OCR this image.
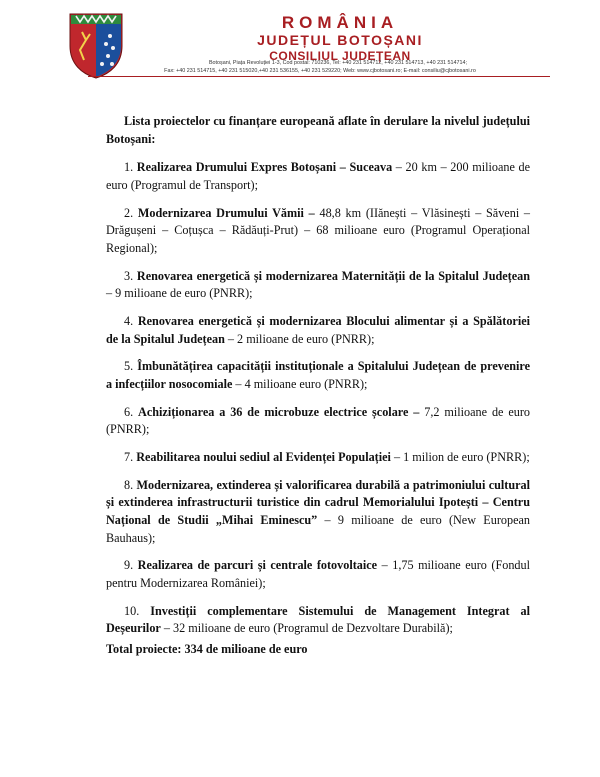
ROMÂNIA
JUDEȚUL BOTOȘANI
CONSILIUL JUDEȚEAN
Botoșani, Piața Revoluției 1-3, Cod postal: 710236, Tel: +40 231 514712, +40 231 514713, +40 231 514714;
Fax: +40 231 514715, +40 231 515020,+40 231 536155, +40 231 529220; Web: www.cjbotosani.ro; E-mail: consiliu@cjbotosani.ro

Lista proiectelor cu finanțare europeană aflate în derulare la nivelul județului Botoșani:

1. Realizarea Drumului Expres Botoșani – Suceava – 20 km – 200 milioane de euro (Programul de Transport);

2. Modernizarea Drumului Vămii – 48,8 km (IIănești – Vlăsinești – Săveni – Drăgușeni – Coțușca – Rădăuți-Prut) – 68 milioane euro (Programul Operațional Regional);

3. Renovarea energetică și modernizarea Maternității de la Spitalul Județean – 9 milioane de euro (PNRR);

4. Renovarea energetică și modernizarea Blocului alimentar și a Spălătoriei de la Spitalul Județean – 2 milioane de euro (PNRR);

5. Îmbunătățirea capacității instituționale a Spitalului Județean de prevenire a infecțiilor nosocomiale – 4 milioane euro (PNRR);

6. Achiziționarea a 36 de microbuze electrice școlare – 7,2 milioane de euro (PNRR);

7. Reabilitarea noului sediul al Evidenței Populației – 1 milion de euro (PNRR);

8. Modernizarea, extinderea și valorificarea durabilă a patrimoniului cultural și extinderea infrastructurii turistice din cadrul Memorialului Ipotești – Centru Național de Studii „Mihai Eminescu” – 9 milioane de euro (New European Bauhaus);

9. Realizarea de parcuri și centrale fotovoltaice – 1,75 milioane euro (Fondul pentru Modernizarea României);

10. Investiții complementare Sistemului de Management Integrat al Deșeurilor – 32 milioane de euro (Programul de Dezvoltare Durabilă);

Total proiecte: 334 de milioane de euro
